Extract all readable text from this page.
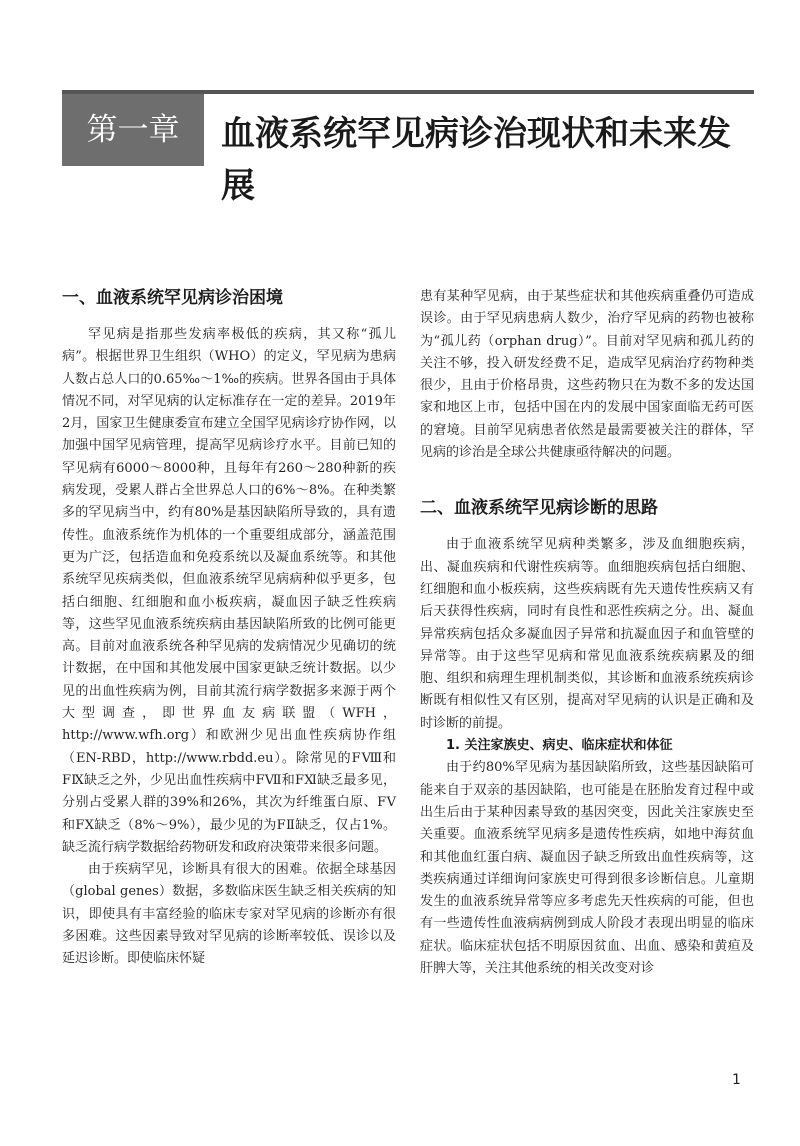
第一章	血液系统罕见病诊治现状和未来发展
一、血液系统罕见病诊治困境

罕见病是指那些发病率极低的疾病，其又称“孤儿病”。根据世界卫生组织（WHO）的定义，罕见病为患病人数占总人口的0.65‰～1‰的疾病。世界各国由于具体情况不同，对罕见病的认定标准存在一定的差异。2019年2月，国家卫生健康委宣布建立全国罕见病诊疗协作网，以加强中国罕见病管理，提高罕见病诊疗水平。目前已知的罕见病有6000～8000种，且每年有260～280种新的疾病发现，受累人群占全世界总人口的6%～8%。在种类繁多的罕见病当中，约有80%是基因缺陷所导致的，具有遗传性。血液系统作为机体的一个重要组成部分，涵盖范围更为广泛，包括造血和免疫系统以及凝血系统等。和其他系统罕见疾病类似，但血液系统罕见病病种似乎更多，包括白细胞、红细胞和血小板疾病，凝血因子缺乏性疾病等，这些罕见血液系统疾病由基因缺陷所致的比例可能更高。目前对血液系统各种罕见病的发病情况少见确切的统计数据，在中国和其他发展中国家更缺乏统计数据。以少见的出血性疾病为例，目前其流行病学数据多来源于两个大型调查，即世界血友病联盟（WFH，http://www.wfh.org）和欧洲少见出血性疾病协作组（EN-RBD，http://www.rbdd.eu）。除常见的FⅧ和FⅨ缺乏之外，少见出血性疾病中FⅦ和FⅪ缺乏最多见，分别占受累人群的39%和26%，其次为纤维蛋白原、FⅤ和FⅩ缺乏（8%～9%），最少见的为FⅡ缺乏，仅占1%。缺乏流行病学数据给药物研发和政府决策带来很多问题。

由于疾病罕见，诊断具有很大的困难。依据全球基因（global genes）数据，多数临床医生缺乏相关疾病的知识，即使具有丰富经验的临床专家对罕见病的诊断亦有很多困难。这些因素导致对罕见病的诊断率较低、误诊以及延迟诊断。即使临床怀疑

患有某种罕见病，由于某些症状和其他疾病重叠仍可造成误诊。由于罕见病患病人数少，治疗罕见病的药物也被称为“孤儿药（orphan drug）”。目前对罕见病和孤儿药的关注不够，投入研发经费不足，造成罕见病治疗药物种类很少，且由于价格昂贵，这些药物只在为数不多的发达国家和地区上市，包括中国在内的发展中国家面临无药可医的窘境。目前罕见病患者依然是最需要被关注的群体，罕见病的诊治是全球公共健康亟待解决的问题。

二、血液系统罕见病诊断的思路

由于血液系统罕见病种类繁多，涉及血细胞疾病，出、凝血疾病和代谢性疾病等。血细胞疾病包括白细胞、红细胞和血小板疾病，这些疾病既有先天遗传性疾病又有后天获得性疾病，同时有良性和恶性疾病之分。出、凝血异常疾病包括众多凝血因子异常和抗凝血因子和血管壁的异常等。由于这些罕见病和常见血液系统疾病累及的细胞、组织和病理生理机制类似，其诊断和血液系统疾病诊断既有相似性又有区别，提高对罕见病的认识是正确和及时诊断的前提。

1. 关注家族史、病史、临床症状和体征

由于约80%罕见病为基因缺陷所致，这些基因缺陷可能来自于双亲的基因缺陷，也可能是在胚胎发育过程中或出生后由于某种因素导致的基因突变，因此关注家族史至关重要。血液系统罕见病多是遗传性疾病，如地中海贫血和其他血红蛋白病、凝血因子缺乏所致出血性疾病等，这类疾病通过详细询问家族史可得到很多诊断信息。儿童期发生的血液系统异常等应多考虑先天性疾病的可能，但也有一些遗传性血液病病例到成人阶段才表现出明显的临床症状。临床症状包括不明原因贫血、出血、感染和黄疸及肝脾大等，关注其他系统的相关改变对诊

1
